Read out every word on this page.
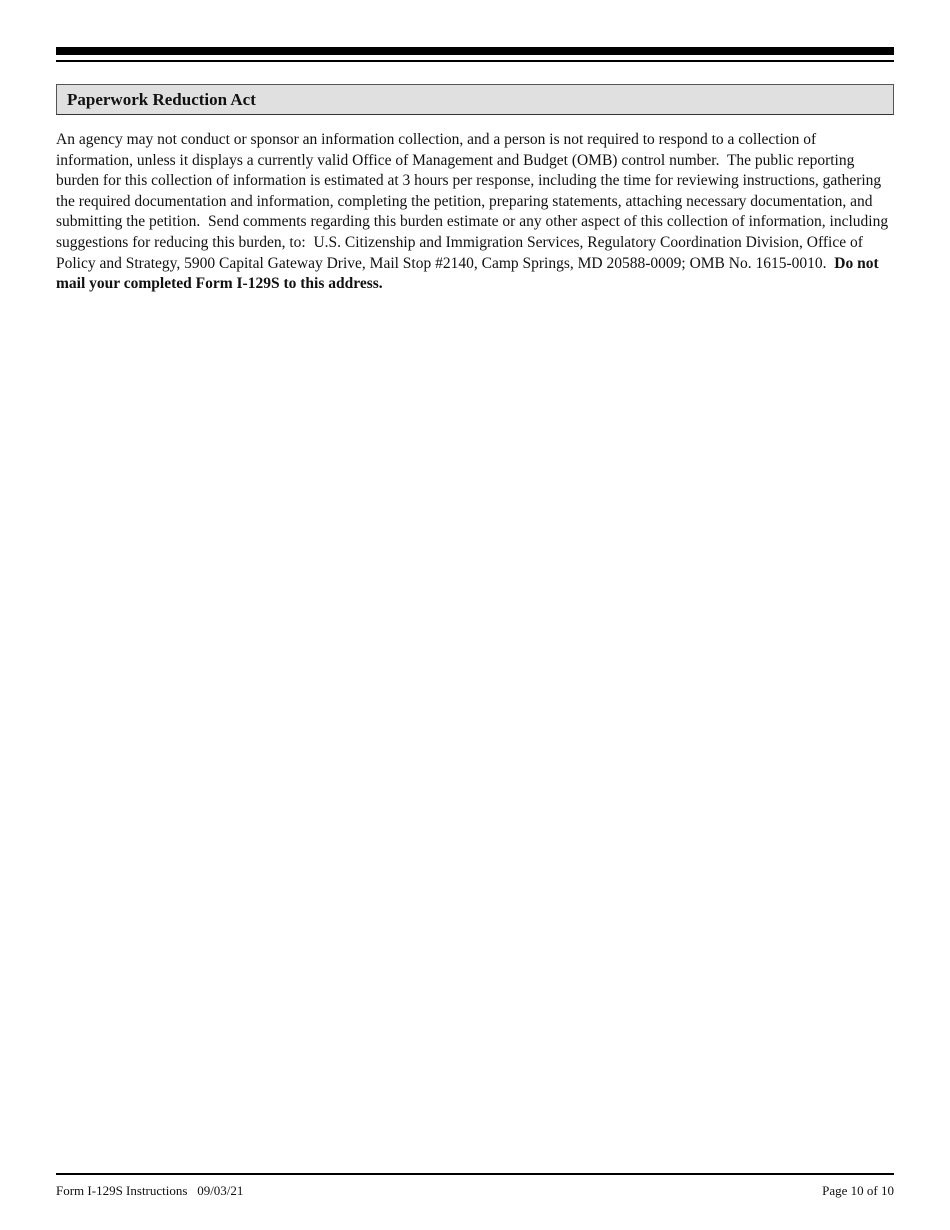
Paperwork Reduction Act

An agency may not conduct or sponsor an information collection, and a person is not required to respond to a collection of information, unless it displays a currently valid Office of Management and Budget (OMB) control number.  The public reporting burden for this collection of information is estimated at 3 hours per response, including the time for reviewing instructions, gathering the required documentation and information, completing the petition, preparing statements, attaching necessary documentation, and submitting the petition.  Send comments regarding this burden estimate or any other aspect of this collection of information, including suggestions for reducing this burden, to:  U.S. Citizenship and Immigration Services, Regulatory Coordination Division, Office of Policy and Strategy, 5900 Capital Gateway Drive, Mail Stop #2140, Camp Springs, MD 20588-0009; OMB No. 1615-0010.  Do not mail your completed Form I-129S to this address.

Form I-129S Instructions   09/03/21	Page 10 of 10
